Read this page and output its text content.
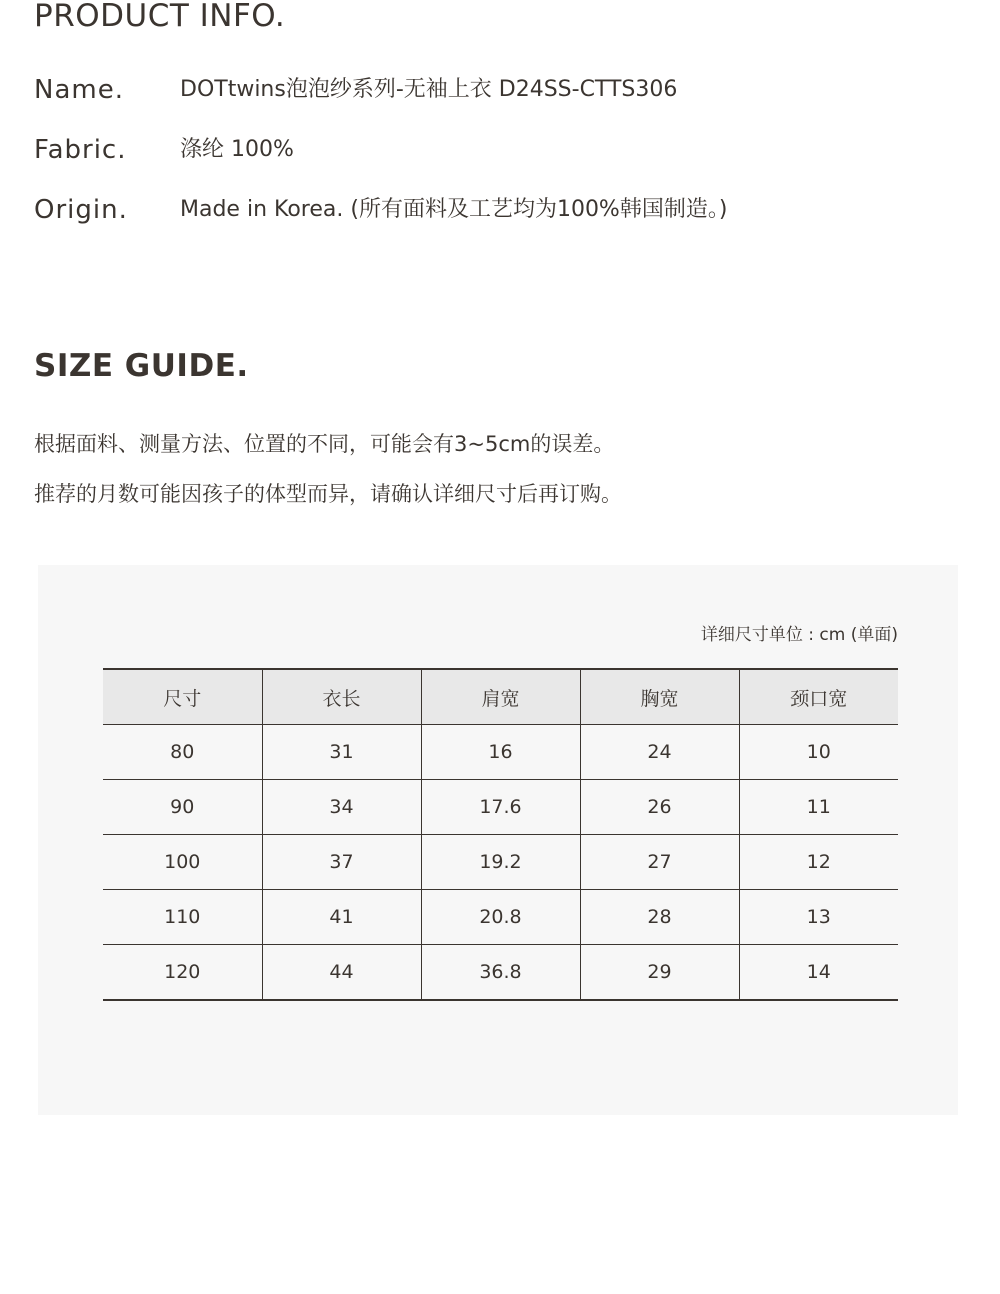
PRODUCT INFO.
Name.	DOTtwins泡泡纱系列-无袖上衣 D24SS-CTTS306
Fabric. 涤纶 100%
Origin. Made in Korea. (所有面料及工艺均为100%韩国制造。)
SIZE GUIDE.
根据面料、测量方法、位置的不同，可能会有3~5cm的误差。
推荐的月数可能因孩子的体型而异，请确认详细尺寸后再订购。
详细尺寸单位 : cm (单面)
尺寸	衣长	肩宽	胸宽	颈口宽
80	31	16	24	10
90	34	17.6	26	11
100	37	19.2	27	12
110	41	20.8	28	13
120	44	36.8	29	14
